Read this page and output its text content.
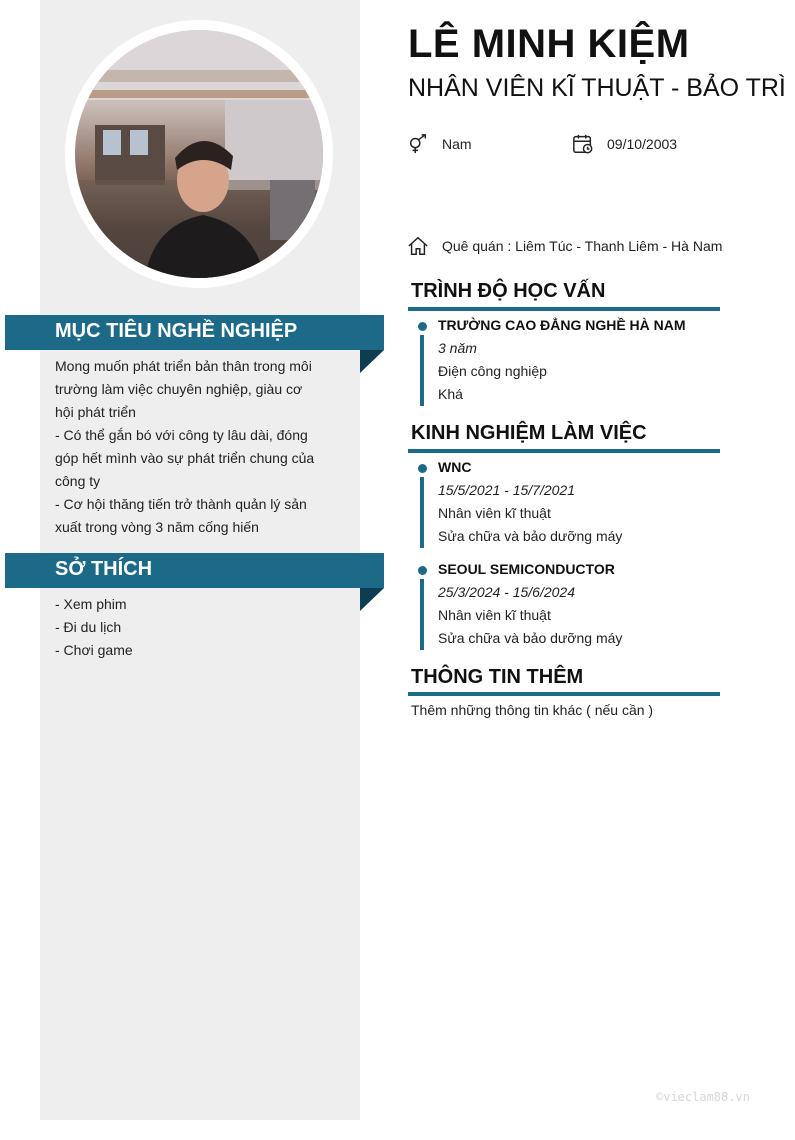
MỤC TIÊU NGHỀ NGHIỆP
Mong muốn phát triển bản thân trong môi
trường làm việc chuyên nghiệp, giàu cơ
hội phát triển
- Có thể gắn bó với công ty lâu dài, đóng
góp hết mình vào sự phát triển chung của
công ty
- Cơ hội thăng tiến trở thành quản lý sản
xuất trong vòng 3 năm cống hiến
SỞ THÍCH
- Xem phim
- Đi du lịch
- Chơi game
LÊ MINH KIỆM
NHÂN VIÊN KĨ THUẬT - BẢO TRÌ
Nam	09/10/2003
Quê quán : Liêm Túc - Thanh Liêm - Hà Nam
TRÌNH ĐỘ HỌC VẤN
TRƯỜNG CAO ĐẲNG NGHỀ HÀ NAM
3 năm
Điện công nghiệp
Khá
KINH NGHIỆM LÀM VIỆC
WNC
15/5/2021 - 15/7/2021
Nhân viên kĩ thuật
Sửa chữa và bảo dưỡng máy
SEOUL SEMICONDUCTOR
25/3/2024 - 15/6/2024
Nhân viên kĩ thuật
Sửa chữa và bảo dưỡng máy
THÔNG TIN THÊM
Thêm những thông tin khác ( nếu cần )
©vieclam88.vn
